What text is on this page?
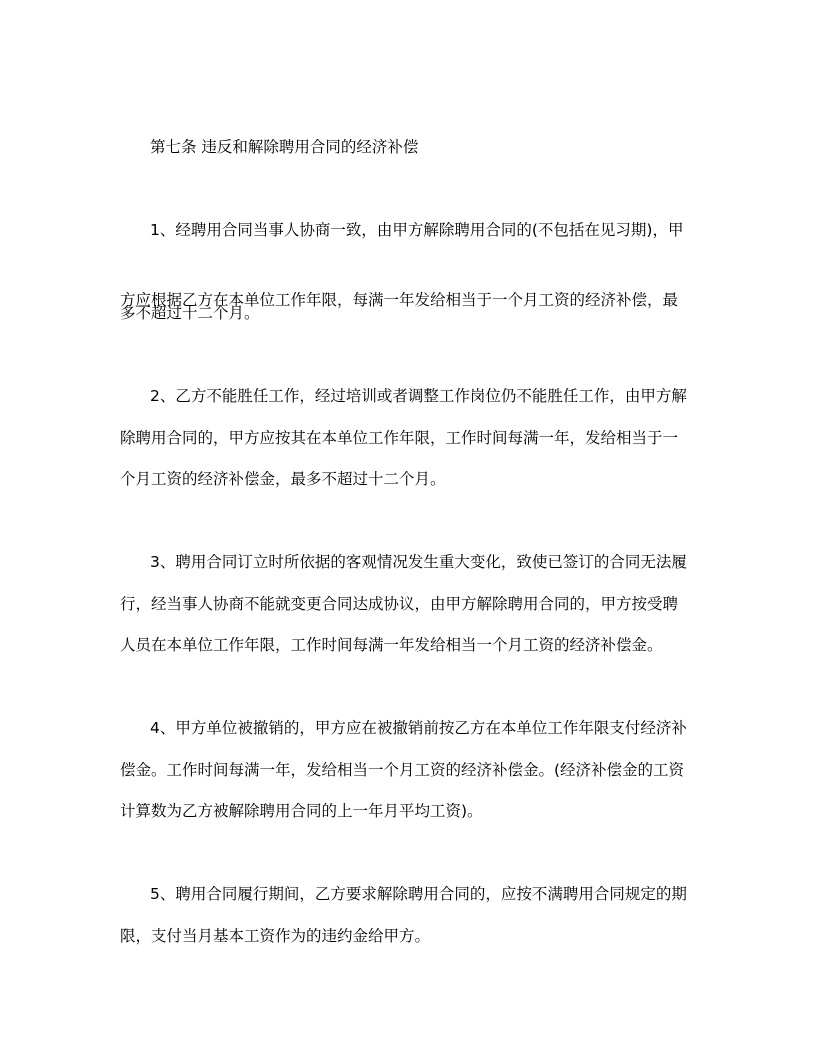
第七条 违反和解除聘用合同的经济补偿
1、经聘用合同当事人协商一致，由甲方解除聘用合同的(不包括在见习期)，甲
方应根据乙方在本单位工作年限，每满一年发给相当于一个月工资的经济补偿，最
多不超过十二个月。
2、乙方不能胜任工作，经过培训或者调整工作岗位仍不能胜任工作，由甲方解
除聘用合同的，甲方应按其在本单位工作年限，工作时间每满一年，发给相当于一
个月工资的经济补偿金，最多不超过十二个月。
3、聘用合同订立时所依据的客观情况发生重大变化，致使已签订的合同无法履
行，经当事人协商不能就变更合同达成协议，由甲方解除聘用合同的，甲方按受聘
人员在本单位工作年限，工作时间每满一年发给相当一个月工资的经济补偿金。
4、甲方单位被撤销的，甲方应在被撤销前按乙方在本单位工作年限支付经济补
偿金。工作时间每满一年，发给相当一个月工资的经济补偿金。(经济补偿金的工资
计算数为乙方被解除聘用合同的上一年月平均工资)。
5、聘用合同履行期间，乙方要求解除聘用合同的，应按不满聘用合同规定的期
限，支付当月基本工资作为的违约金给甲方。
